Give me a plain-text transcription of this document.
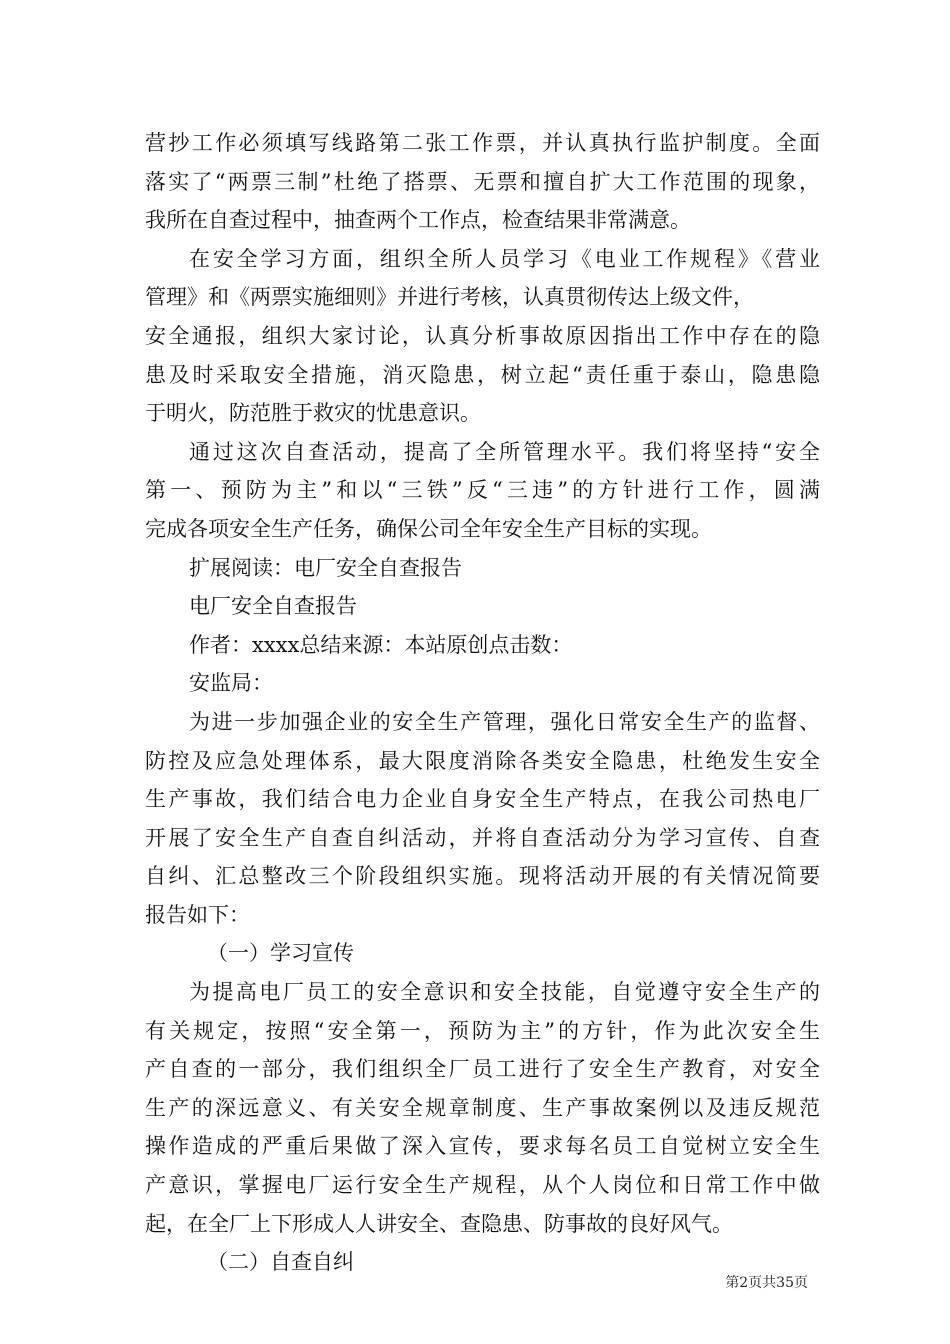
营抄工作必须填写线路第二张工作票，并认真执行监护制度。全面
落实了“两票三制”杜绝了搭票、无票和擅自扩大工作范围的现象，
我所在自查过程中，抽查两个工作点，检查结果非常满意。
在安全学习方面，组织全所人员学习《电业工作规程》《营业
管理》和《两票实施细则》并进行考核，认真贯彻传达上级文件，
安全通报，组织大家讨论，认真分析事故原因指出工作中存在的隐
患及时采取安全措施，消灭隐患，树立起“责任重于泰山，隐患隐
于明火，防范胜于救灾的忧患意识。
通过这次自查活动，提高了全所管理水平。我们将坚持“安全
第一、预防为主”和以“三铁”反“三违”的方针进行工作，圆满
完成各项安全生产任务，确保公司全年安全生产目标的实现。
扩展阅读：电厂安全自查报告
电厂安全自查报告
作者：xxxx总结来源：本站原创点击数：
安监局：
为进一步加强企业的安全生产管理，强化日常安全生产的监督、
防控及应急处理体系，最大限度消除各类安全隐患，杜绝发生安全
生产事故，我们结合电力企业自身安全生产特点，在我公司热电厂
开展了安全生产自查自纠活动，并将自查活动分为学习宣传、自查
自纠、汇总整改三个阶段组织实施。现将活动开展的有关情况简要
报告如下：
（一）学习宣传
为提高电厂员工的安全意识和安全技能，自觉遵守安全生产的
有关规定，按照“安全第一，预防为主”的方针，作为此次安全生
产自查的一部分，我们组织全厂员工进行了安全生产教育，对安全
生产的深远意义、有关安全规章制度、生产事故案例以及违反规范
操作造成的严重后果做了深入宣传，要求每名员工自觉树立安全生
产意识，掌握电厂运行安全生产规程，从个人岗位和日常工作中做
起，在全厂上下形成人人讲安全、查隐患、防事故的良好风气。
（二）自查自纠
第2页共35页
